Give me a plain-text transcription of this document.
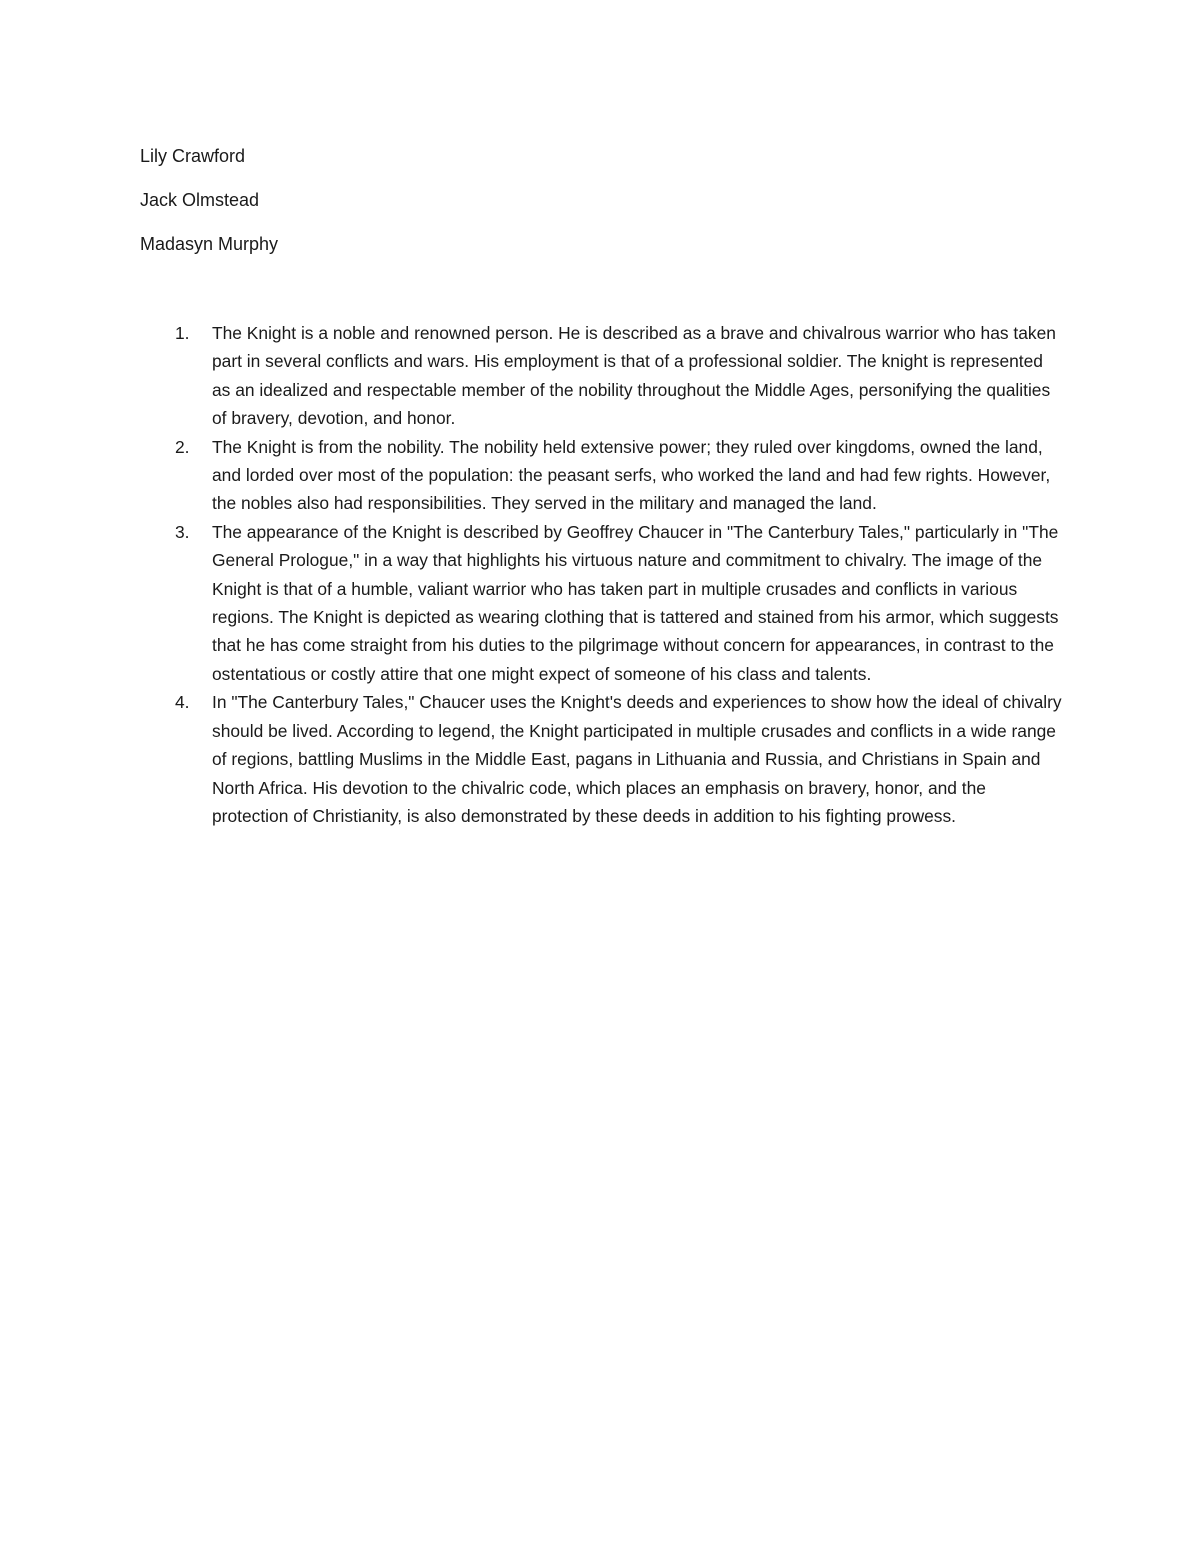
Lily Crawford
Jack Olmstead
Madasyn Murphy
1.	The Knight is a noble and renowned person. He is described as a brave and chivalrous warrior who has taken part in several conflicts and wars. His employment is that of a professional soldier. The knight is represented as an idealized and respectable member of the nobility throughout the Middle Ages, personifying the qualities of bravery, devotion, and honor.
2.	The Knight is from the nobility. The nobility held extensive power; they ruled over kingdoms, owned the land, and lorded over most of the population: the peasant serfs, who worked the land and had few rights. However, the nobles also had responsibilities. They served in the military and managed the land.
3.	The appearance of the Knight is described by Geoffrey Chaucer in "The Canterbury Tales," particularly in "The General Prologue," in a way that highlights his virtuous nature and commitment to chivalry. The image of the Knight is that of a humble, valiant warrior who has taken part in multiple crusades and conflicts in various regions. The Knight is depicted as wearing clothing that is tattered and stained from his armor, which suggests that he has come straight from his duties to the pilgrimage without concern for appearances, in contrast to the ostentatious or costly attire that one might expect of someone of his class and talents.
4.	In "The Canterbury Tales," Chaucer uses the Knight's deeds and experiences to show how the ideal of chivalry should be lived. According to legend, the Knight participated in multiple crusades and conflicts in a wide range of regions, battling Muslims in the Middle East, pagans in Lithuania and Russia, and Christians in Spain and North Africa. His devotion to the chivalric code, which places an emphasis on bravery, honor, and the protection of Christianity, is also demonstrated by these deeds in addition to his fighting prowess.
